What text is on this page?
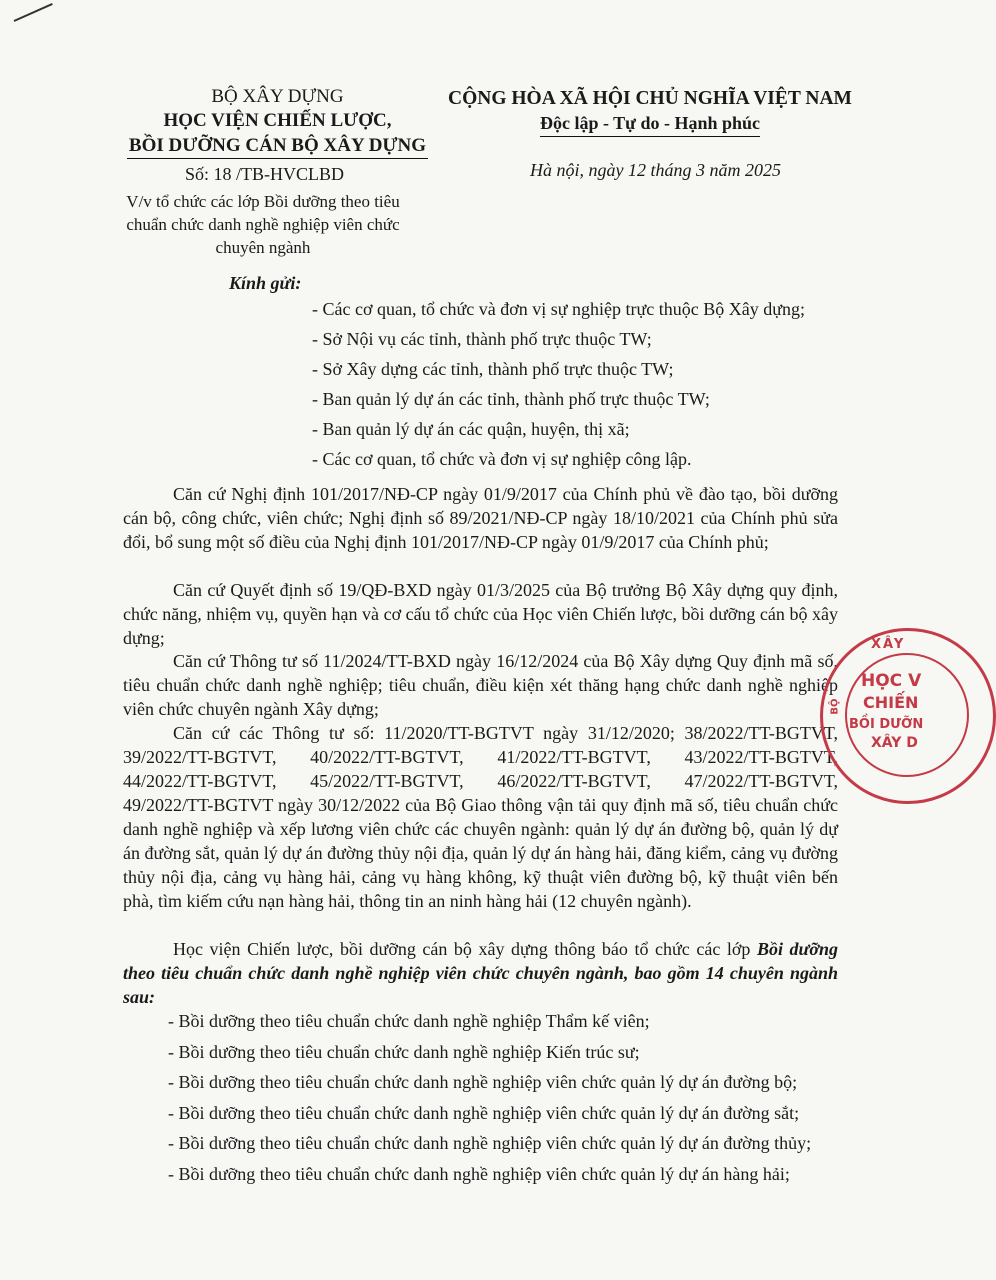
BỘ XÂY DỰNG
HỌC VIỆN CHIẾN LƯỢC,
BỒI DƯỠNG CÁN BỘ XÂY DỰNG
Số: 18 /TB-HVCLBD
V/v tổ chức các lớp Bồi dưỡng theo tiêu chuẩn chức danh nghề nghiệp viên chức chuyên ngành
CỘNG HÒA XÃ HỘI CHỦ NGHĨA VIỆT NAM
Độc lập - Tự do - Hạnh phúc
Hà nội, ngày 12 tháng 3 năm 2025
Kính gửi:
- Các cơ quan, tổ chức và đơn vị sự nghiệp trực thuộc Bộ Xây dựng;
- Sở Nội vụ các tỉnh, thành phố trực thuộc TW;
- Sở Xây dựng các tỉnh, thành phố trực thuộc TW;
- Ban quản lý dự án các tỉnh, thành phố trực thuộc TW;
- Ban quản lý dự án các quận, huyện, thị xã;
- Các cơ quan, tổ chức và đơn vị sự nghiệp công lập.
Căn cứ Nghị định 101/2017/NĐ-CP ngày 01/9/2017 của Chính phủ về đào tạo, bồi dưỡng cán bộ, công chức, viên chức; Nghị định số 89/2021/NĐ-CP ngày 18/10/2021 của Chính phủ sửa đổi, bổ sung một số điều của Nghị định 101/2017/NĐ-CP ngày 01/9/2017 của Chính phủ;
Căn cứ Quyết định số 19/QĐ-BXD ngày 01/3/2025 của Bộ trưởng Bộ Xây dựng quy định, chức năng, nhiệm vụ, quyền hạn và cơ cấu tổ chức của Học viên Chiến lược, bồi dưỡng cán bộ xây dựng;
Căn cứ Thông tư số 11/2024/TT-BXD ngày 16/12/2024 của Bộ Xây dựng Quy định mã số, tiêu chuẩn chức danh nghề nghiệp; tiêu chuẩn, điều kiện xét thăng hạng chức danh nghề nghiệp viên chức chuyên ngành Xây dựng;
Căn cứ các Thông tư số: 11/2020/TT-BGTVT ngày 31/12/2020; 38/2022/TT-BGTVT, 39/2022/TT-BGTVT, 40/2022/TT-BGTVT, 41/2022/TT-BGTVT, 43/2022/TT-BGTVT, 44/2022/TT-BGTVT, 45/2022/TT-BGTVT, 46/2022/TT-BGTVT, 47/2022/TT-BGTVT, 49/2022/TT-BGTVT ngày 30/12/2022 của Bộ Giao thông vận tải quy định mã số, tiêu chuẩn chức danh nghề nghiệp và xếp lương viên chức các chuyên ngành: quản lý dự án đường bộ, quản lý dự án đường sắt, quản lý dự án đường thủy nội địa, quản lý dự án hàng hải, đăng kiểm, cảng vụ đường thủy nội địa, cảng vụ hàng hải, cảng vụ hàng không, kỹ thuật viên đường bộ, kỹ thuật viên bến phà, tìm kiếm cứu nạn hàng hải, thông tin an ninh hàng hải (12 chuyên ngành).
Học viện Chiến lược, bồi dưỡng cán bộ xây dựng thông báo tổ chức các lớp Bồi dưỡng theo tiêu chuẩn chức danh nghề nghiệp viên chức chuyên ngành, bao gồm 14 chuyên ngành sau:
- Bồi dưỡng theo tiêu chuẩn chức danh nghề nghiệp Thẩm kế viên;
- Bồi dưỡng theo tiêu chuẩn chức danh nghề nghiệp Kiến trúc sư;
- Bồi dưỡng theo tiêu chuẩn chức danh nghề nghiệp viên chức quản lý dự án đường bộ;
- Bồi dưỡng theo tiêu chuẩn chức danh nghề nghiệp viên chức quản lý dự án đường sắt;
- Bồi dưỡng theo tiêu chuẩn chức danh nghề nghiệp viên chức quản lý dự án đường thủy;
- Bồi dưỡng theo tiêu chuẩn chức danh nghề nghiệp viên chức quản lý dự án hàng hải;
XÂY
BỘ
HỌC V
CHIẾN
BỒI DƯỠN
XÂY D
